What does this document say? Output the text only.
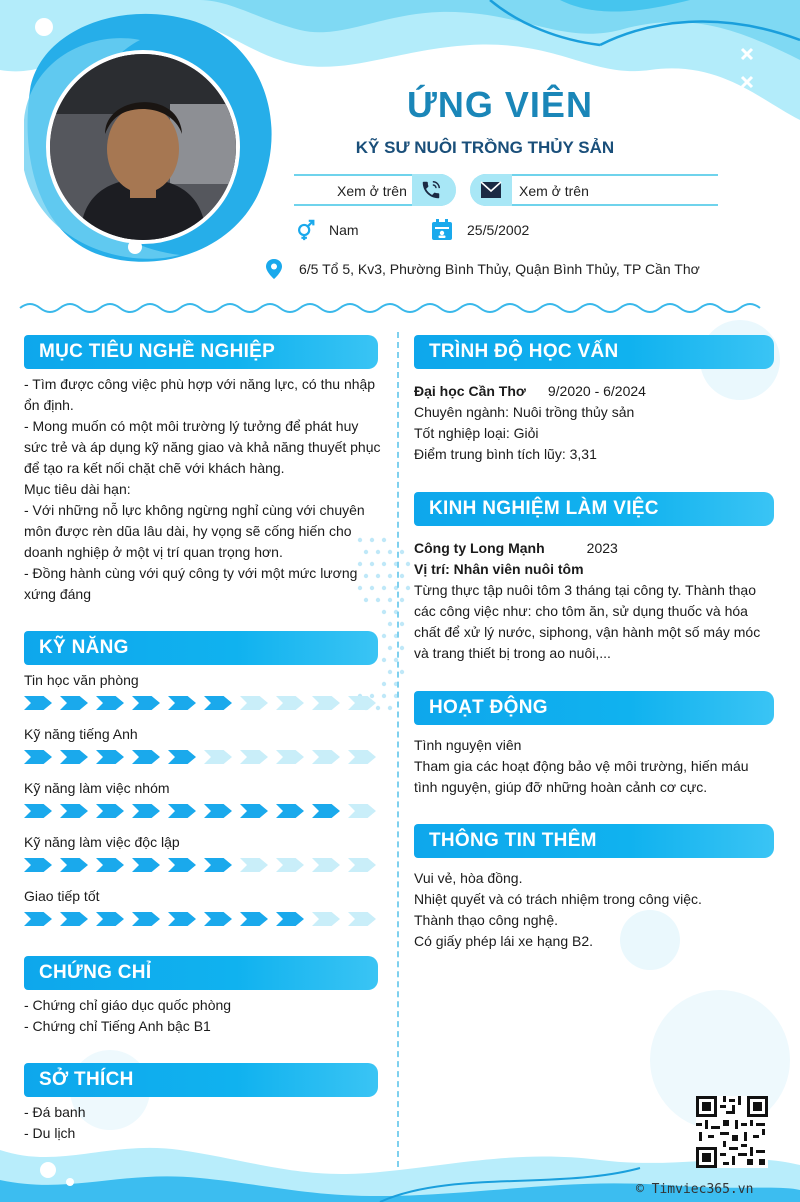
ỨNG VIÊN
KỸ SƯ NUÔI TRỒNG THỦY SẢN
Xem ở trên	Xem ở trên
Nam	25/5/2002
6/5 Tổ 5, Kv3, Phường Bình Thủy, Quận Bình Thủy, TP Cần Thơ
MỤC TIÊU NGHỀ NGHIỆP
- Tìm được công việc phù hợp với năng lực, có thu nhập
ổn định.
- Mong muốn có một môi trường lý tưởng để phát huy
sức trẻ và áp dụng kỹ năng giao và khả năng thuyết phục
để tạo ra kết nối chặt chẽ với khách hàng.
Mục tiêu dài hạn:
- Với những nỗ lực không ngừng nghỉ cùng với chuyên
môn được rèn dũa lâu dài, hy vọng sẽ cống hiến cho
doanh nghiệp ở một vị trí quan trọng hơn.
- Đồng hành cùng với quý công ty với một mức lương
xứng đáng
KỸ NĂNG
Tin học văn phòng
Kỹ năng tiếng Anh
Kỹ năng làm việc nhóm
Kỹ năng làm việc độc lập
Giao tiếp tốt
CHỨNG CHỈ
- Chứng chỉ giáo dục quốc phòng
- Chứng chỉ Tiếng Anh bậc B1
SỞ THÍCH
- Đá banh
- Du lịch
TRÌNH ĐỘ HỌC VẤN
Đại học Cần Thơ 9/2020 - 6/2024
Chuyên ngành: Nuôi trồng thủy sản
Tốt nghiệp loại: Giỏi
Điểm trung bình tích lũy: 3,31
KINH NGHIỆM LÀM VIỆC
Công ty Long Mạnh	2023
Vị trí: Nhân viên nuôi tôm
Từng thực tập nuôi tôm 3 tháng tại công ty. Thành thạo
các công việc như: cho tôm ăn, sử dụng thuốc và hóa
chất để xử lý nước, siphong, vận hành một số máy móc
và trang thiết bị trong ao nuôi,...
HOẠT ĐỘNG
Tình nguyện viên
Tham gia các hoạt động bảo vệ môi trường, hiến máu
tình nguyện, giúp đỡ những hoàn cảnh cơ cực.
THÔNG TIN THÊM
Vui vẻ, hòa đồng.
Nhiệt quyết và có trách nhiệm trong công việc.
Thành thạo công nghệ.
Có giấy phép lái xe hạng B2.
© Timviec365.vn
